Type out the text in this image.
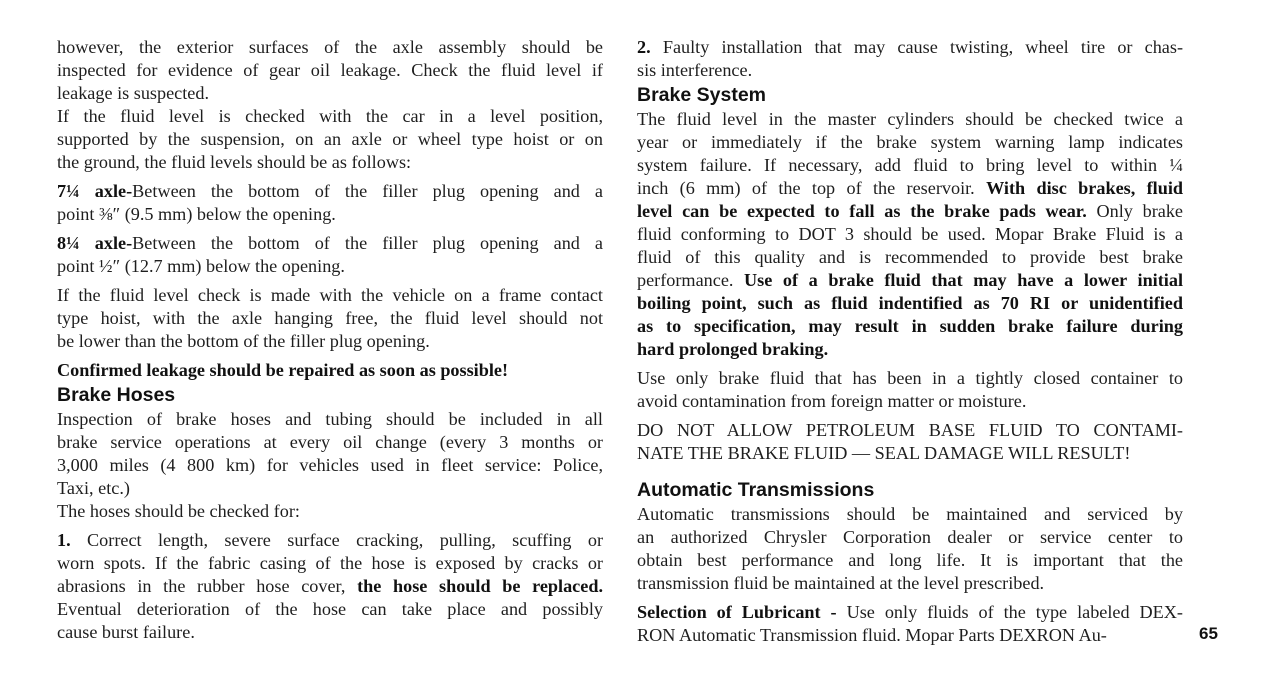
however, the exterior surfaces of the axle assembly should be
inspected for evidence of gear oil leakage. Check the fluid level if
leakage is suspected.
If the fluid level is checked with the car in a level position,
supported by the suspension, on an axle or wheel type hoist or on
the ground, the fluid levels should be as follows:
7¼ axle-Between the bottom of the filler plug opening and a
point ⅜″ (9.5 mm) below the opening.
8¼ axle-Between the bottom of the filler plug opening and a
point ½″ (12.7 mm) below the opening.
If the fluid level check is made with the vehicle on a frame contact
type hoist, with the axle hanging free, the fluid level should not
be lower than the bottom of the filler plug opening.
Confirmed leakage should be repaired as soon as possible!
Brake Hoses
Inspection of brake hoses and tubing should be included in all
brake service operations at every oil change (every 3 months or
3,000 miles (4 800 km) for vehicles used in fleet service: Police,
Taxi, etc.)
The hoses should be checked for:
1. Correct length, severe surface cracking, pulling, scuffing or
worn spots. If the fabric casing of the hose is exposed by cracks or
abrasions in the rubber hose cover, the hose should be replaced.
Eventual deterioration of the hose can take place and possibly
cause burst failure.
2. Faulty installation that may cause twisting, wheel tire or chas-
sis interference.
Brake System
The fluid level in the master cylinders should be checked twice a
year or immediately if the brake system warning lamp indicates
system failure. If necessary, add fluid to bring level to within ¼
inch (6 mm) of the top of the reservoir. With disc brakes, fluid
level can be expected to fall as the brake pads wear. Only brake
fluid conforming to DOT 3 should be used. Mopar Brake Fluid is a
fluid of this quality and is recommended to provide best brake
performance. Use of a brake fluid that may have a lower initial
boiling point, such as fluid indentified as 70 RI or unidentified
as to specification, may result in sudden brake failure during
hard prolonged braking.
Use only brake fluid that has been in a tightly closed container to
avoid contamination from foreign matter or moisture.
DO NOT ALLOW PETROLEUM BASE FLUID TO CONTAMI-
NATE THE BRAKE FLUID — SEAL DAMAGE WILL RESULT!
Automatic Transmissions
Automatic transmissions should be maintained and serviced by
an authorized Chrysler Corporation dealer or service center to
obtain best performance and long life. It is important that the
transmission fluid be maintained at the level prescribed.
Selection of Lubricant - Use only fluids of the type labeled DEX-
RON Automatic Transmission fluid. Mopar Parts DEXRON Au-	65
